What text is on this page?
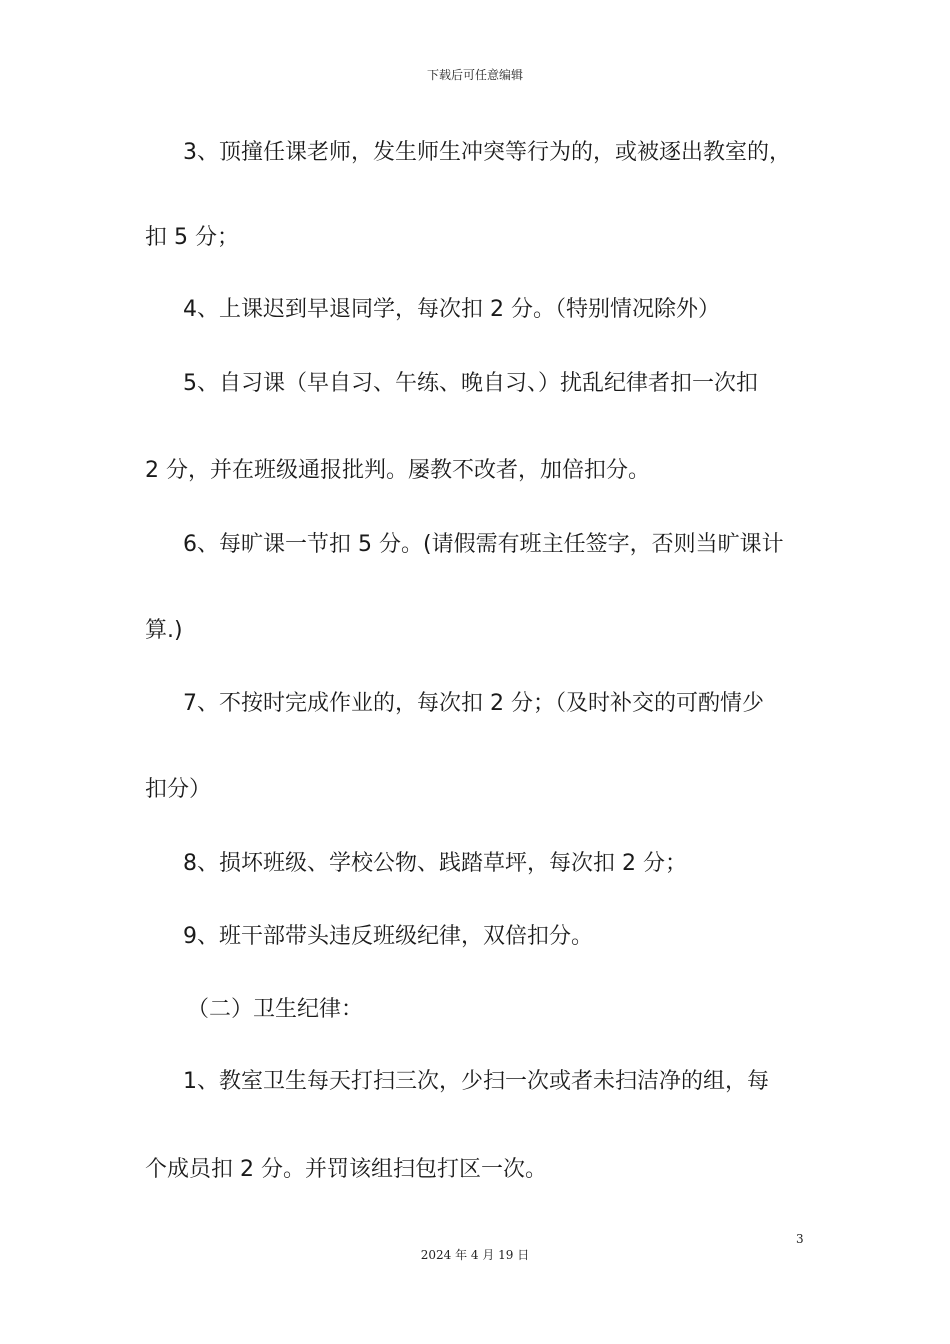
下载后可任意编辑
3、顶撞任课老师，发生师生冲突等行为的，或被逐出教室的，
扣 5 分；
4、上课迟到早退同学，每次扣 2 分。（特别情况除外）
5、自习课（早自习、午练、晚自习、）扰乱纪律者扣一次扣
2 分，并在班级通报批判。屡教不改者，加倍扣分。
6、每旷课一节扣 5 分。(请假需有班主任签字，否则当旷课计
算.)
7、不按时完成作业的，每次扣 2 分；（及时补交的可酌情少
扣分）
8、损坏班级、学校公物、践踏草坪，每次扣 2 分；
9、班干部带头违反班级纪律，双倍扣分。
（二）卫生纪律：
1、教室卫生每天打扫三次，少扫一次或者未扫洁净的组，每
个成员扣 2 分。并罚该组扫包打区一次。
3
2024 年 4 月 19 日
